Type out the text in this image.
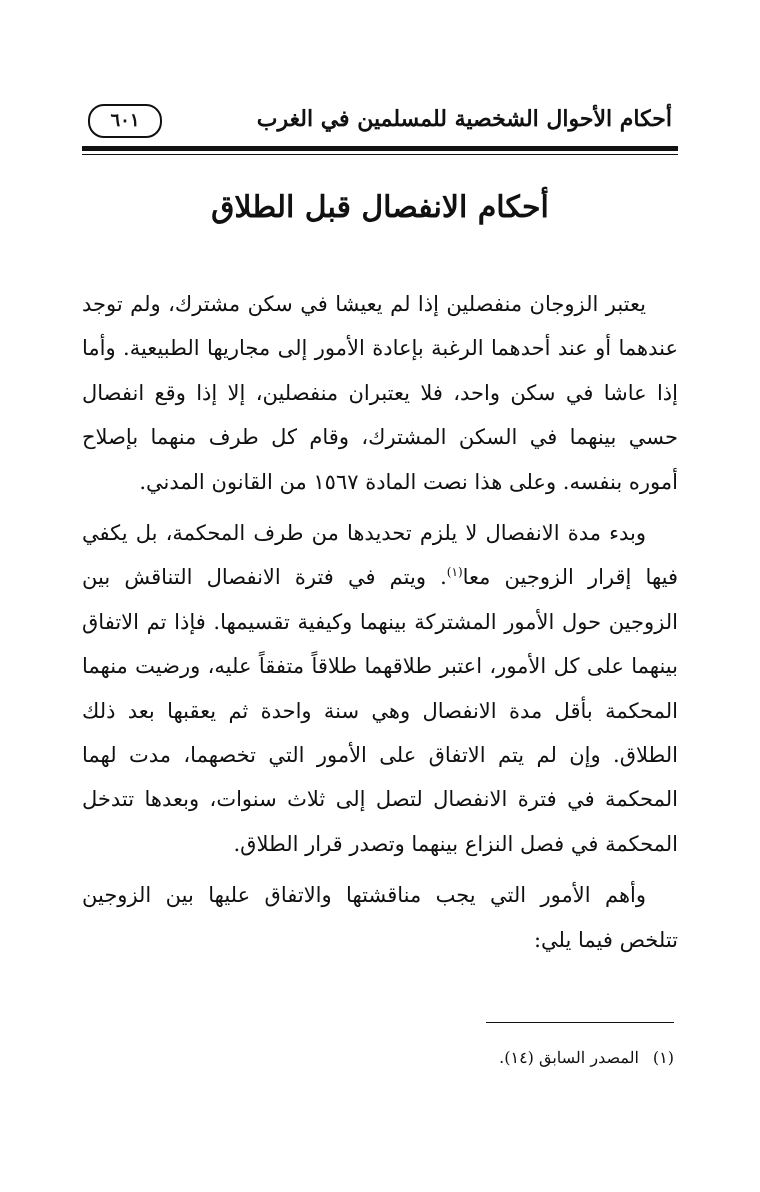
أحكام الأحوال الشخصية للمسلمين في الغرب
٦٠١
أحكام الانفصال قبل الطلاق

يعتبر الزوجان منفصلين إذا لم يعيشا في سكن مشترك، ولم توجد عندهما أو عند أحدهما الرغبة بإعادة الأمور إلى مجاريها الطبيعية. وأما إذا عاشا في سكن واحد، فلا يعتبران منفصلين، إلا إذا وقع انفصال حسي بينهما في السكن المشترك، وقام كل طرف منهما بإصلاح أموره بنفسه. وعلى هذا نصت المادة ١٥٦٧ من القانون المدني.

وبدء مدة الانفصال لا يلزم تحديدها من طرف المحكمة، بل يكفي فيها إقرار الزوجين معا$^{(١)}$. ويتم في فترة الانفصال التناقش بين الزوجين حول الأمور المشتركة بينهما وكيفية تقسيمها. فإذا تم الاتفاق بينهما على كل الأمور، اعتبر طلاقهما طلاقاً متفقاً عليه، ورضيت منهما المحكمة بأقل مدة الانفصال وهي سنة واحدة ثم يعقبها بعد ذلك الطلاق. وإن لم يتم الاتفاق على الأمور التي تخصهما، مدت لهما المحكمة في فترة الانفصال لتصل إلى ثلاث سنوات، وبعدها تتدخل المحكمة في فصل النزاع بينهما وتصدر قرار الطلاق.

وأهم الأمور التي يجب مناقشتها والاتفاق عليها بين الزوجين تتلخص فيما يلي:

(١)المصدر السابق (١٤).
